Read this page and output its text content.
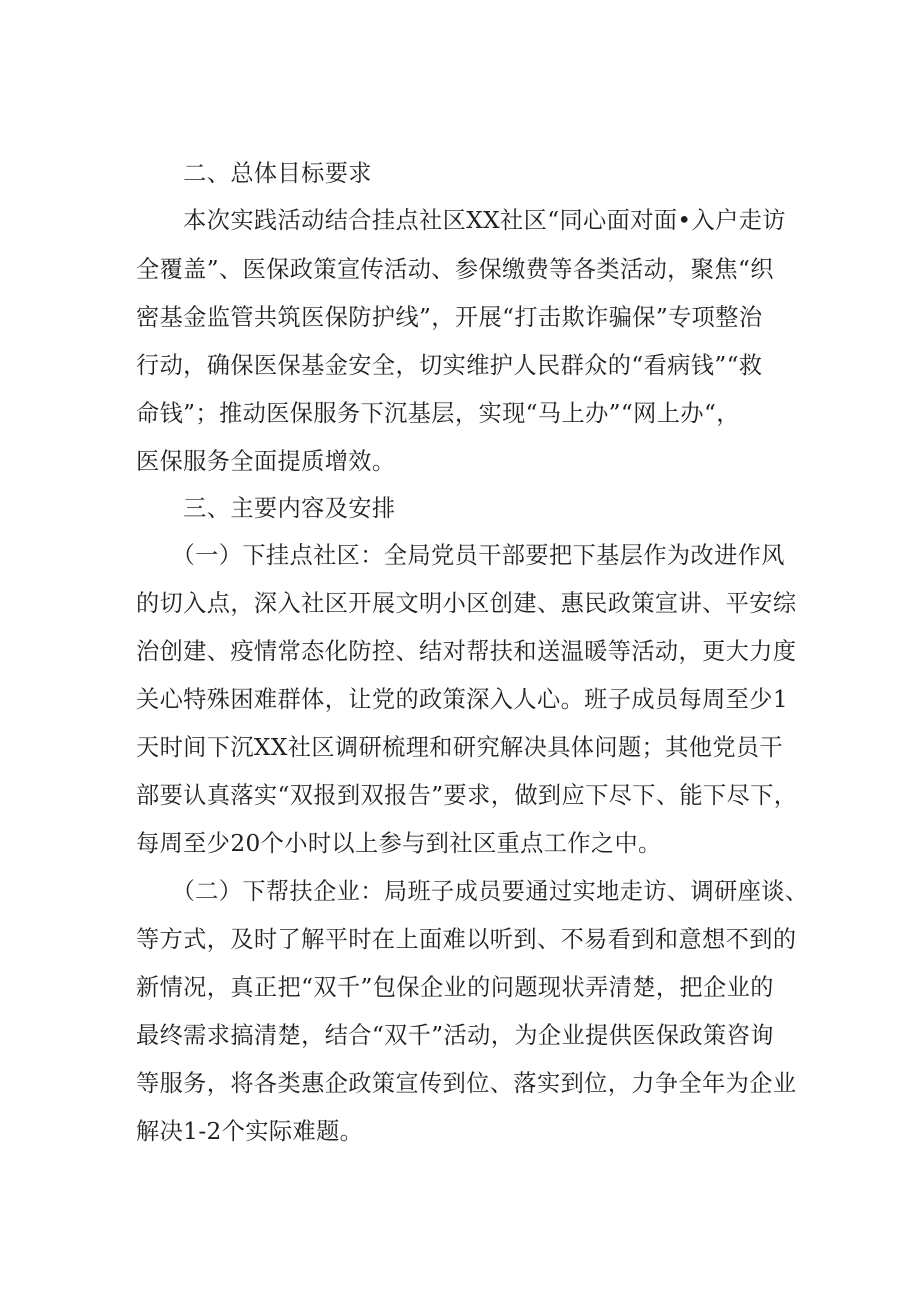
　　二、总体目标要求
　　本次实践活动结合挂点社区XX社区“同心面对面•入户走访
全覆盖”、医保政策宣传活动、参保缴费等各类活动，聚焦“织
密基金监管共筑医保防护线”，开展“打击欺诈骗保”专项整治
行动，确保医保基金安全，切实维护人民群众的“看病钱”“救
命钱”；推动医保服务下沉基层，实现“马上办”“网上办“，
医保服务全面提质增效。
　　三、主要内容及安排
　　（一）下挂点社区：全局党员干部要把下基层作为改进作风
的切入点，深入社区开展文明小区创建、惠民政策宣讲、平安综
治创建、疫情常态化防控、结对帮扶和送温暖等活动，更大力度
关心特殊困难群体，让党的政策深入人心。班子成员每周至少1
天时间下沉XX社区调研梳理和研究解决具体问题；其他党员干
部要认真落实“双报到双报告”要求，做到应下尽下、能下尽下，
每周至少20个小时以上参与到社区重点工作之中。
　　（二）下帮扶企业：局班子成员要通过实地走访、调研座谈、
等方式，及时了解平时在上面难以听到、不易看到和意想不到的
新情况，真正把“双千”包保企业的问题现状弄清楚，把企业的
最终需求搞清楚，结合“双千”活动，为企业提供医保政策咨询
等服务，将各类惠企政策宣传到位、落实到位，力争全年为企业
解决1-2个实际难题。
